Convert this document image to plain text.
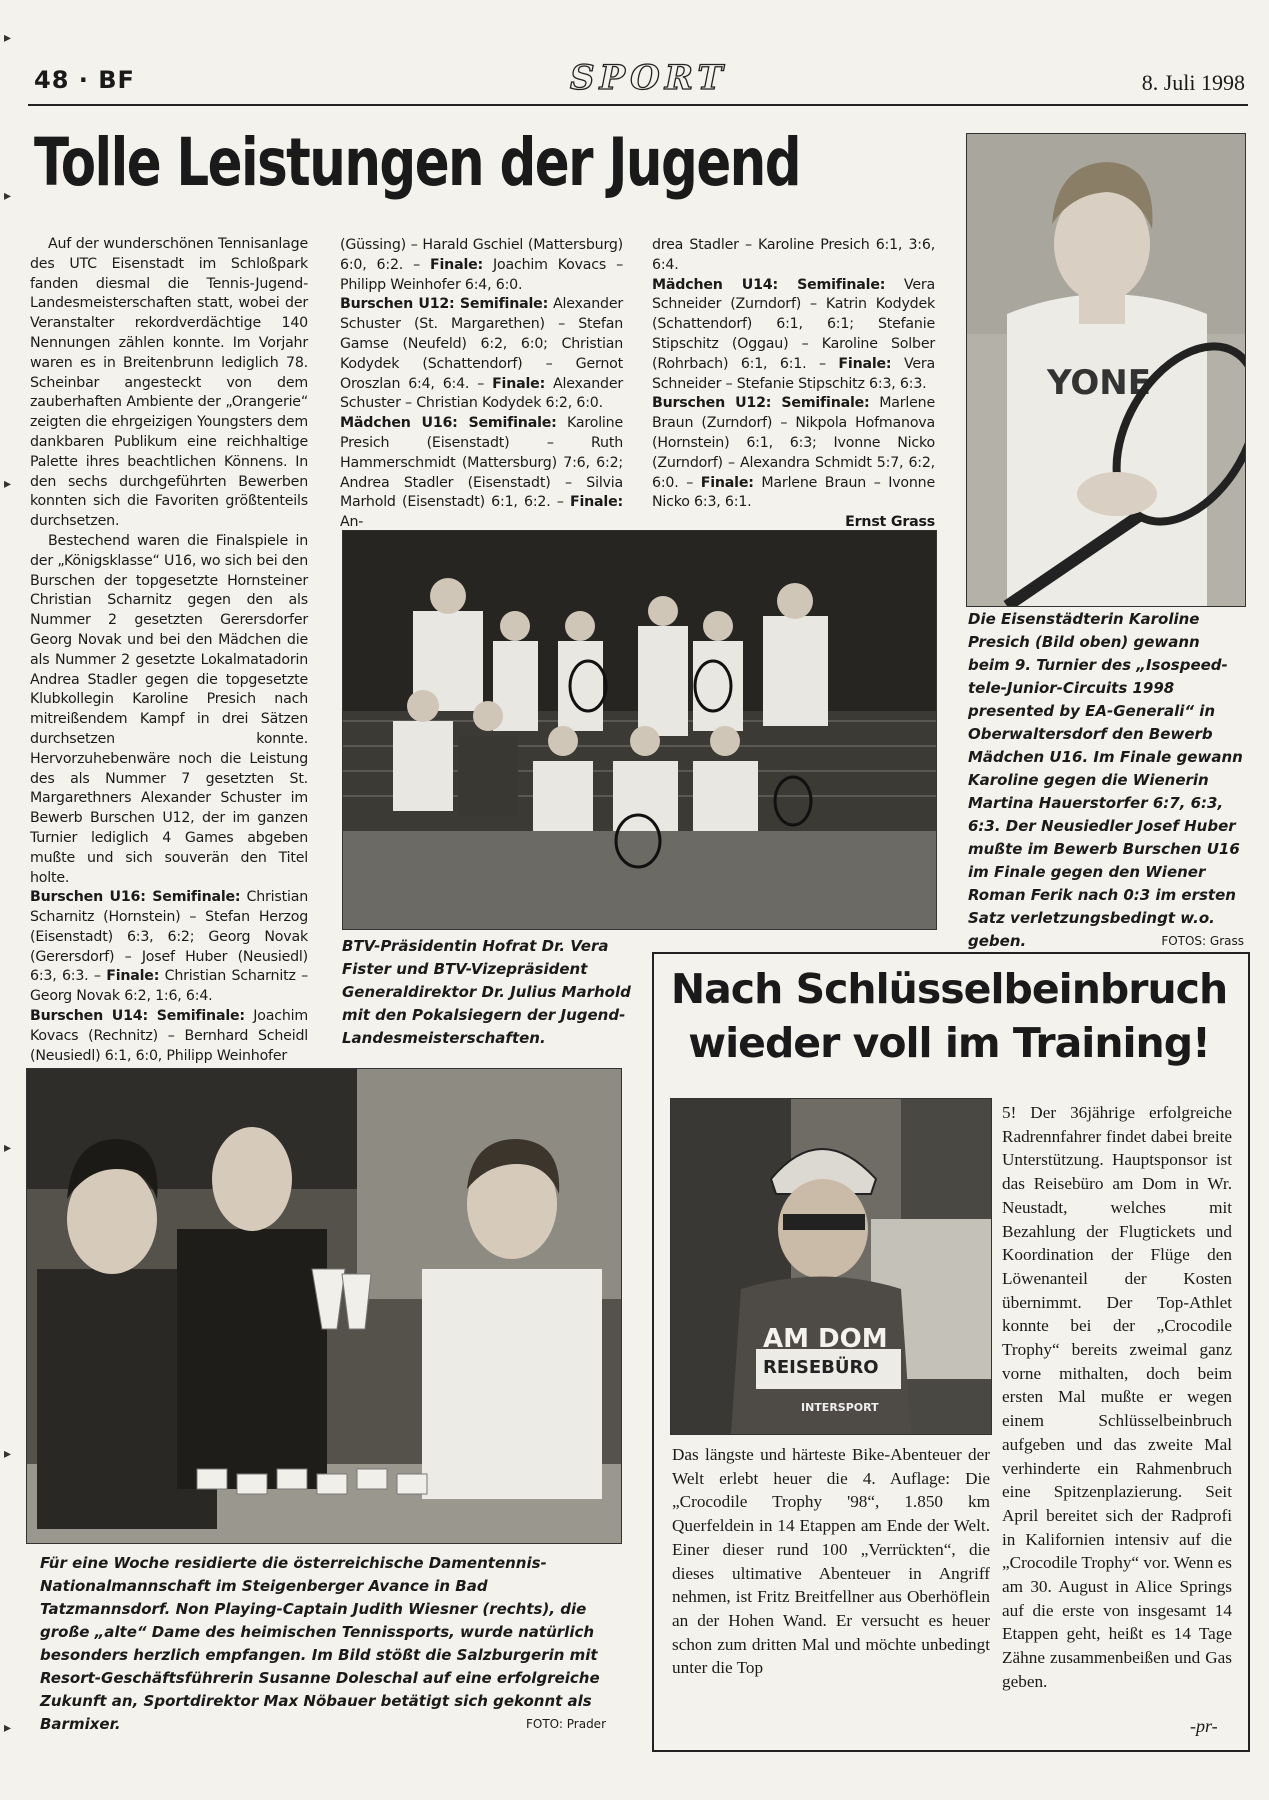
48 · BF	SPORT	8. Juli 1998
▸
▸
▸
▸
▸
▸
Tolle Leistungen der Jugend

Auf der wunderschönen Tennisanlage des UTC Eisenstadt im Schloßpark fanden diesmal die Tennis-Jugend-Landesmeisterschaften statt, wobei der Veranstalter rekordverdächtige 140 Nennungen zählen konnte. Im Vorjahr waren es in Breitenbrunn lediglich 78. Scheinbar angesteckt von dem zauberhaften Ambiente der „Orangerie“ zeigten die ehrgeizigen Youngsters dem dankbaren Publikum eine reichhaltige Palette ihres beachtlichen Könnens. In den sechs durchgeführten Bewerben konnten sich die Favoriten größtenteils durchsetzen.

Bestechend waren die Finalspiele in der „Königsklasse“ U16, wo sich bei den Burschen der topgesetzte Hornsteiner Christian Scharnitz gegen den als Nummer 2 gesetzten Gerersdorfer Georg Novak und bei den Mädchen die als Nummer 2 gesetzte Lokalmatadorin Andrea Stadler gegen die topgesetzte Klubkollegin Karoline Presich nach mitreißendem Kampf in drei Sätzen durchsetzen konnte. Hervorzuhebenwäre noch die Leistung des als Nummer 7 gesetzten St. Margarethners Alexander Schuster im Bewerb Burschen U12, der im ganzen Turnier lediglich 4 Games abgeben mußte und sich souverän den Titel holte.

Burschen U16: Semifinale: Christian Scharnitz (Hornstein) – Stefan Herzog (Eisenstadt) 6:3, 6:2; Georg Novak (Gerersdorf) – Josef Huber (Neusiedl) 6:3, 6:3. – Finale: Christian Scharnitz – Georg Novak 6:2, 1:6, 6:4.

Burschen U14: Semifinale: Joachim Kovacs (Rechnitz) – Bernhard Scheidl (Neusiedl) 6:1, 6:0, Philipp Weinhofer

(Güssing) – Harald Gschiel (Mattersburg) 6:0, 6:2. – Finale: Joachim Kovacs – Philipp Weinhofer 6:4, 6:0.

Burschen U12: Semifinale: Alexander Schuster (St. Margarethen) – Stefan Gamse (Neufeld) 6:2, 6:0; Christian Kodydek (Schattendorf) – Gernot Oroszlan 6:4, 6:4. – Finale: Alexander Schuster – Christian Kodydek 6:2, 6:0.

Mädchen U16: Semifinale: Karoline Presich (Eisenstadt) – Ruth Hammerschmidt (Mattersburg) 7:6, 6:2; Andrea Stadler (Eisenstadt) – Silvia Marhold (Eisenstadt) 6:1, 6:2. – Finale: An-

drea Stadler – Karoline Presich 6:1, 3:6, 6:4.

Mädchen U14: Semifinale: Vera Schneider (Zurndorf) – Katrin Kodydek (Schattendorf) 6:1, 6:1; Stefanie Stipschitz (Oggau) – Karoline Solber (Rohrbach) 6:1, 6:1. – Finale: Vera Schneider – Stefanie Stipschitz 6:3, 6:3.

Burschen U12: Semifinale: Marlene Braun (Zurndorf) – Nikpola Hofmanova (Hornstein) 6:1, 6:3; Ivonne Nicko (Zurndorf) – Alexandra Schmidt 5:7, 6:2, 6:0. – Finale: Marlene Braun – Ivonne Nicko 6:3, 6:1.

Ernst Grass
YONE
Die Eisenstädterin Karoline Presich (Bild oben) gewann beim 9. Turnier des „Isospeed-tele-Junior-Circuits 1998 presented by EA-Generali“ in Oberwaltersdorf den Bewerb Mädchen U16. Im Finale gewann Karoline gegen die Wienerin Martina Hauerstorfer 6:7, 6:3, 6:3. Der Neusiedler Josef Huber mußte im Bewerb Burschen U16 im Finale gegen den Wiener Roman Ferik nach 0:3 im ersten Satz verletzungsbedingt w.o. geben.	FOTOS: Grass
BTV-Präsidentin Hofrat Dr. Vera Fister und BTV-Vizepräsident Generaldirektor Dr. Julius Marhold mit den Pokalsiegern der Jugend-Landesmeisterschaften.
Für eine Woche residierte die österreichische Damentennis-Nationalmannschaft im Steigenberger Avance in Bad Tatzmannsdorf. Non Playing-Captain Judith Wiesner (rechts), die große „alte“ Dame des heimischen Tennissports, wurde natürlich besonders herzlich empfangen. Im Bild stößt die Salzburgerin mit Resort-Geschäftsführerin Susanne Doleschal auf eine erfolgreiche Zukunft an, Sportdirektor Max Nöbauer betätigt sich gekonnt als Barmixer.	FOTO: Prader
Nach Schlüsselbeinbruch wieder voll im Training!
AM DOM
REISEBÜRO
INTERSPORT

Das längste und härteste Bike-Abenteuer der Welt erlebt heuer die 4. Auflage: Die „Crocodile Trophy '98“, 1.850 km Querfeldein in 14 Etappen am Ende der Welt. Einer dieser rund 100 „Verrückten“, die dieses ultimative Abenteuer in Angriff nehmen, ist Fritz Breitfellner aus Oberhöflein an der Hohen Wand. Er versucht es heuer schon zum dritten Mal und möchte unbedingt unter die Top

5! Der 36jährige erfolgreiche Radrennfahrer findet dabei breite Unterstützung. Hauptsponsor ist das Reisebüro am Dom in Wr. Neustadt, welches mit Bezahlung der Flugtickets und Koordination der Flüge den Löwenanteil der Kosten übernimmt. Der Top-Athlet konnte bei der „Crocodile Trophy“ bereits zweimal ganz vorne mithalten, doch beim ersten Mal mußte er wegen einem Schlüsselbeinbruch aufgeben und das zweite Mal verhinderte ein Rahmenbruch eine Spitzenplazierung. Seit April bereitet sich der Radprofi in Kalifornien intensiv auf die „Crocodile Trophy“ vor. Wenn es am 30. August in Alice Springs auf die erste von insgesamt 14 Etappen geht, heißt es 14 Tage Zähne zusammenbeißen und Gas geben.

-pr-
